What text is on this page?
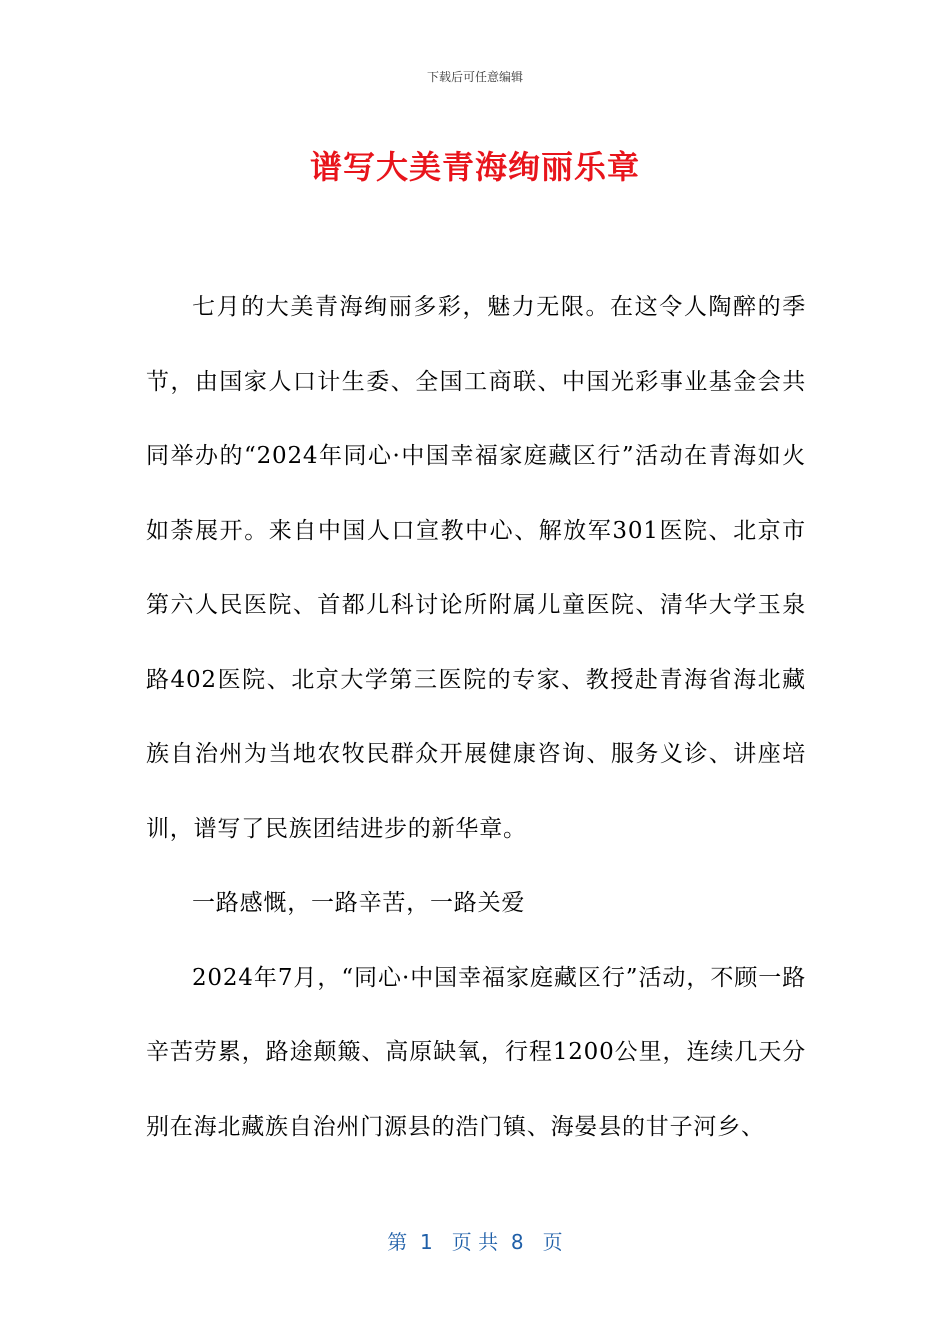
下载后可任意编辑
谱写大美青海绚丽乐章

七月的大美青海绚丽多彩，魅力无限。在这令人陶醉的季节，由国家人口计生委、全国工商联、中国光彩事业基金会共同举办的“2024年同心·中国幸福家庭藏区行”活动在青海如火如荼展开。来自中国人口宣教中心、解放军301医院、北京市第六人民医院、首都儿科讨论所附属儿童医院、清华大学玉泉路402医院、北京大学第三医院的专家、教授赴青海省海北藏族自治州为当地农牧民群众开展健康咨询、服务义诊、讲座培训，谱写了民族团结进步的新华章。

一路感慨，一路辛苦，一路关爱

2024年7月，“同心·中国幸福家庭藏区行”活动，不顾一路辛苦劳累，路途颠簸、高原缺氧，行程1200公里，连续几天分别在海北藏族自治州门源县的浩门镇、海晏县的甘子河乡、

第  1   页 共  8   页
